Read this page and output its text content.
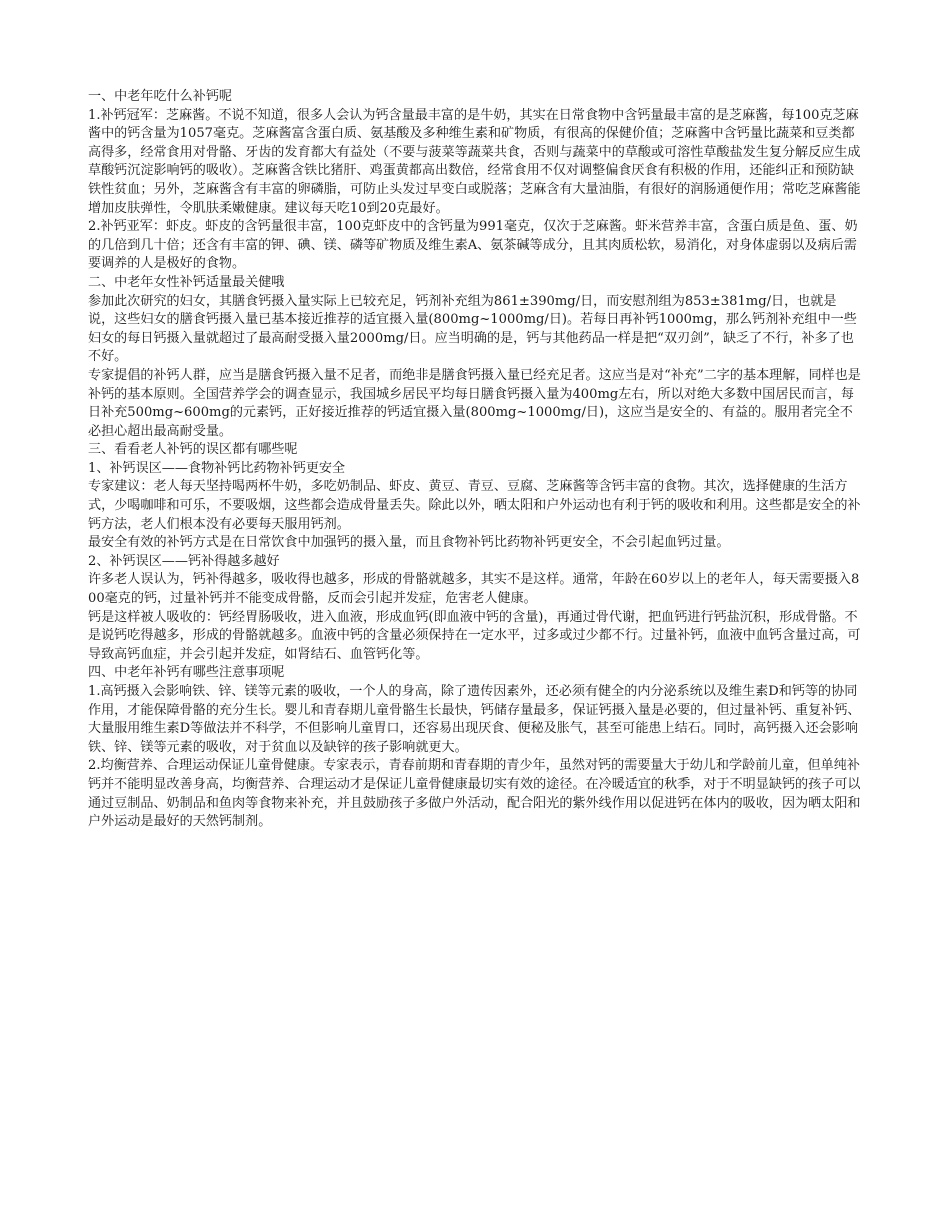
一、中老年吃什么补钙呢

1.补钙冠军：芝麻酱。不说不知道，很多人会认为钙含量最丰富的是牛奶，其实在日常食物中含钙量最丰富的是芝麻酱，每100克芝麻酱中的钙含量为1057毫克。芝麻酱富含蛋白质、氨基酸及多种维生素和矿物质，有很高的保健价值；芝麻酱中含钙量比蔬菜和豆类都高得多，经常食用对骨骼、牙齿的发育都大有益处（不要与菠菜等蔬菜共食，否则与蔬菜中的草酸或可溶性草酸盐发生复分解反应生成草酸钙沉淀影响钙的吸收）。芝麻酱含铁比猪肝、鸡蛋黄都高出数倍，经常食用不仅对调整偏食厌食有积极的作用，还能纠正和预防缺铁性贫血；另外，芝麻酱含有丰富的卵磷脂，可防止头发过早变白或脱落；芝麻含有大量油脂，有很好的润肠通便作用；常吃芝麻酱能增加皮肤弹性，令肌肤柔嫩健康。建议每天吃10到20克最好。

2.补钙亚军：虾皮。虾皮的含钙量很丰富，100克虾皮中的含钙量为991毫克，仅次于芝麻酱。虾米营养丰富，含蛋白质是鱼、蛋、奶的几倍到几十倍；还含有丰富的钾、碘、镁、磷等矿物质及维生素A、氨茶碱等成分，且其肉质松软，易消化，对身体虚弱以及病后需要调养的人是极好的食物。

二、中老年女性补钙适量最关健哦

参加此次研究的妇女，其膳食钙摄入量实际上已较充足，钙剂补充组为861±390mg/日，而安慰剂组为853±381mg/日，也就是说，这些妇女的膳食钙摄入量已基本接近推荐的适宜摄入量(800mg~1000mg/日)。若每日再补钙1000mg，那么钙剂补充组中一些妇女的每日钙摄入量就超过了最高耐受摄入量2000mg/日。应当明确的是，钙与其他药品一样是把“双刃剑”，缺乏了不行，补多了也不好。

专家提倡的补钙人群，应当是膳食钙摄入量不足者，而绝非是膳食钙摄入量已经充足者。这应当是对“补充”二字的基本理解，同样也是补钙的基本原则。全国营养学会的调查显示，我国城乡居民平均每日膳食钙摄入量为400mg左右，所以对绝大多数中国居民而言，每日补充500mg~600mg的元素钙，正好接近推荐的钙适宜摄入量(800mg~1000mg/日)，这应当是安全的、有益的。服用者完全不必担心超出最高耐受量。

三、看看老人补钙的误区都有哪些呢

1、补钙误区——食物补钙比药物补钙更安全

专家建议：老人每天坚持喝两杯牛奶，多吃奶制品、虾皮、黄豆、青豆、豆腐、芝麻酱等含钙丰富的食物。其次，选择健康的生活方式，少喝咖啡和可乐，不要吸烟，这些都会造成骨量丢失。除此以外，晒太阳和户外运动也有利于钙的吸收和利用。这些都是安全的补钙方法，老人们根本没有必要每天服用钙剂。

最安全有效的补钙方式是在日常饮食中加强钙的摄入量，而且食物补钙比药物补钙更安全，不会引起血钙过量。

2、补钙误区——钙补得越多越好

许多老人误认为，钙补得越多，吸收得也越多，形成的骨骼就越多，其实不是这样。通常，年龄在60岁以上的老年人，每天需要摄入800毫克的钙，过量补钙并不能变成骨骼，反而会引起并发症，危害老人健康。

钙是这样被人吸收的：钙经胃肠吸收，进入血液，形成血钙(即血液中钙的含量)，再通过骨代谢，把血钙进行钙盐沉积，形成骨骼。不是说钙吃得越多，形成的骨骼就越多。血液中钙的含量必须保持在一定水平，过多或过少都不行。过量补钙，血液中血钙含量过高，可导致高钙血症，并会引起并发症，如肾结石、血管钙化等。

四、中老年补钙有哪些注意事项呢

1.高钙摄入会影响铁、锌、镁等元素的吸收，一个人的身高，除了遗传因素外，还必须有健全的内分泌系统以及维生素D和钙等的协同作用，才能保障骨骼的充分生长。婴儿和青春期儿童骨骼生长最快，钙储存量最多，保证钙摄入量是必要的，但过量补钙、重复补钙、大量服用维生素D等做法并不科学，不但影响儿童胃口，还容易出现厌食、便秘及胀气，甚至可能患上结石。同时，高钙摄入还会影响铁、锌、镁等元素的吸收，对于贫血以及缺锌的孩子影响就更大。

2.均衡营养、合理运动保证儿童骨健康。专家表示，青春前期和青春期的青少年，虽然对钙的需要量大于幼儿和学龄前儿童，但单纯补钙并不能明显改善身高，均衡营养、合理运动才是保证儿童骨健康最切实有效的途径。在冷暖适宜的秋季，对于不明显缺钙的孩子可以通过豆制品、奶制品和鱼肉等食物来补充，并且鼓励孩子多做户外活动，配合阳光的紫外线作用以促进钙在体内的吸收，因为晒太阳和户外运动是最好的天然钙制剂。
